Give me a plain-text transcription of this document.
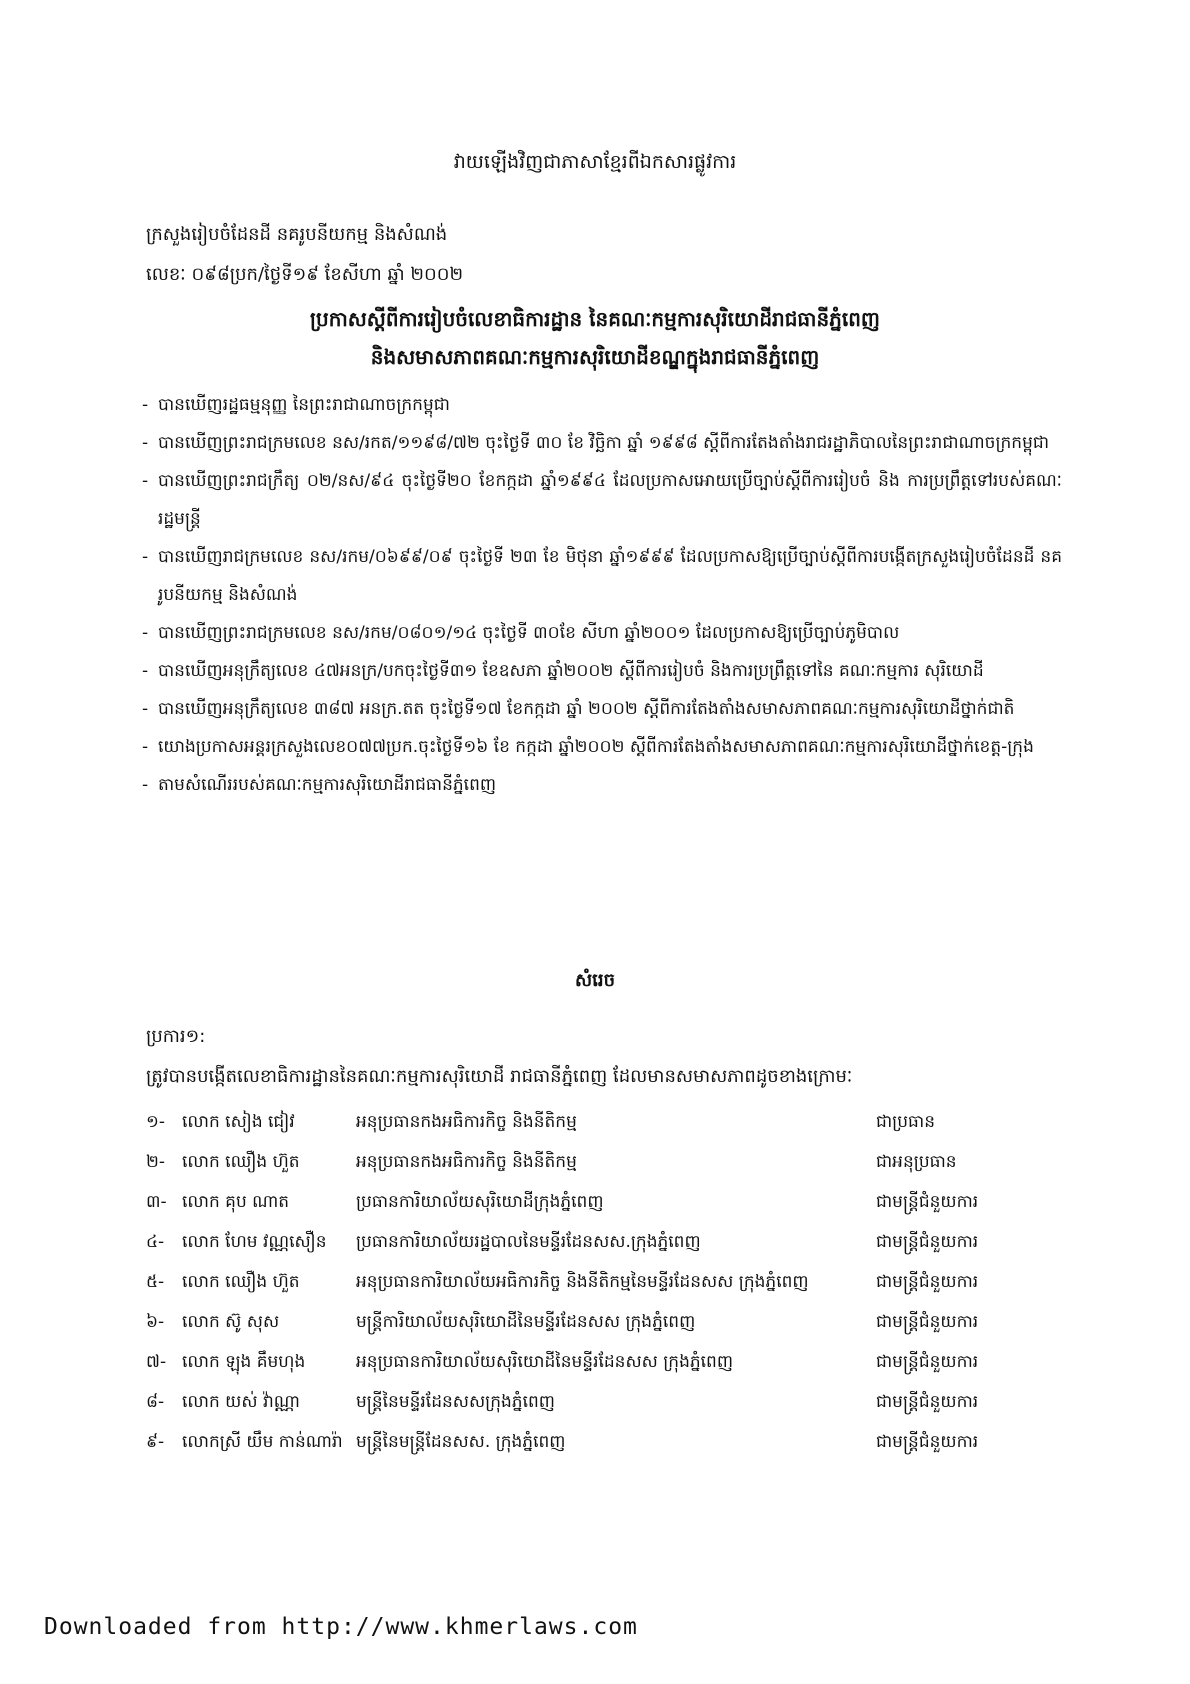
វាយឡើងវិញជាភាសាខ្មែរពីឯកសារផ្លូវការ
ក្រសួងរៀបចំដែនដី នគរូបនីយកម្ម និងសំណង់
លេខៈ ០៩៨ប្រក/ថ្ងៃទី១៩ ខែសីហា ឆ្នាំ ២០០២
ប្រកាសស្តីពីការរៀបចំលេខាធិការដ្ឋាន នៃគណៈកម្មការសុរិយោដីរាជធានីភ្នំពេញ
និងសមាសភាពគណៈកម្មការសុរិយោដីខណ្ឌក្នុងរាជធានីភ្នំពេញ
- បានឃើញរដ្ឋធម្មនុញ្ញ នៃព្រះរាជាណាចក្រកម្ពុជា
- បានឃើញព្រះរាជក្រមលេខ នស/រកត/១១៩៨/៧២ ចុះថ្ងៃទី ៣០ ខែ វិច្ឆិកា ឆ្នាំ ១៩៩៨ ស្តីពីការតែងតាំងរាជរដ្ឋាភិបាលនៃព្រះរាជាណាចក្រកម្ពុជា
- បានឃើញព្រះរាជក្រឹត្យ ០២/នស/៩៤ ចុះថ្ងៃទី២០ ខែកក្កដា ឆ្នាំ១៩៩៤ ដែលប្រកាសអោយប្រើច្បាប់ស្តីពីការរៀបចំ និង ការប្រព្រឹត្តទៅរបស់គណៈរដ្ឋមន្ត្រី
- បានឃើញរាជក្រមលេខ នស/រកម/០៦៩៩/០៩ ចុះថ្ងៃទី ២៣ ខែ មិថុនា ឆ្នាំ១៩៩៩ ដែលប្រកាសឱ្យប្រើច្បាប់ស្តីពីការបង្កើតក្រសួងរៀបចំដែនដី នគរូបនីយកម្ម និងសំណង់
- បានឃើញព្រះរាជក្រមលេខ នស/រកម/០៨០១/១៤ ចុះថ្ងៃទី ៣០ខែ សីហា ឆ្នាំ២០០១ ដែលប្រកាសឱ្យប្រើច្បាប់ភូមិបាល
- បានឃើញអនុក្រឹត្យលេខ ៤៧អនក្រ/បកចុះថ្ងៃទី៣១ ខែឧសភា ឆ្នាំ២០០២ ស្តីពីការរៀបចំ និងការប្រព្រឹត្តទៅនៃ គណៈកម្មការ សុរិយោដី
- បានឃើញអនុក្រឹត្យលេខ ៣៨៧ អនក្រ.តត ចុះថ្ងៃទី១៧ ខែកក្កដា ឆ្នាំ ២០០២ ស្តីពីការតែងតាំងសមាសភាពគណៈកម្មការសុរិយោដីថ្នាក់ជាតិ
- យោងប្រកាសអន្តរក្រសួងលេខ០៧៧ប្រក.ចុះថ្ងៃទី១៦ ខែ កក្កដា ឆ្នាំ២០០២ ស្តីពីការតែងតាំងសមាសភាពគណៈកម្មការសុរិយោដីថ្នាក់ខេត្ត-ក្រុង
- តាមសំណើររបស់គណៈកម្មការសុរិយោដីរាជធានីភ្នំពេញ
សំរេច
ប្រការ១:
ត្រូវបានបង្កើតលេខាធិការដ្ឋាននៃគណៈកម្មការសុរិយោដី រាជធានីភ្នំពេញ ដែលមានសមាសភាពដូចខាងក្រោមៈ
១- លោក សៀង ជៀវ	អនុប្រធានកងអធិការកិច្ច និងនីតិកម្ម	ជាប្រធាន
២- លោក ឈឿង ហ៊ួត	អនុប្រធានកងអធិការកិច្ច និងនីតិកម្ម	ជាអនុប្រធាន
៣- លោក គុប ណាត	ប្រធានការិយាល័យសុរិយោដីក្រុងភ្នំពេញ	ជាមន្ត្រីជំនួយការ
៤- លោក ហែម វណ្ណសឿន ប្រធានការិយាល័យរដ្ឋបាលនៃមន្ទីរដែនសស.ក្រុងភ្នំពេញ	ជាមន្ត្រីជំនួយការ
៥- លោក ឈឿង ហ៊ួត	អនុប្រធានការិយាល័យអធិការកិច្ច និងនីតិកម្មនៃមន្ទីរដែនសស ក្រុងភ្នំពេញ	ជាមន្ត្រីជំនួយការ
៦- លោក ស៊ូ សុស	មន្ត្រីការិយាល័យសុរិយោដីនៃមន្ទីរដែនសស ក្រុងភ្នំពេញ	ជាមន្ត្រីជំនួយការ
៧- លោក ឡុង គឹមហុង	អនុប្រធានការិយាល័យសុរិយោដីនៃមន្ទីរដែនសស ក្រុងភ្នំពេញ	ជាមន្ត្រីជំនួយការ
៨- លោក យស់ វ៉ាណ្ណា	មន្ត្រីនៃមន្ទីរដែនសសក្រុងភ្នំពេញ	ជាមន្ត្រីជំនួយការ
៩- លោកស្រី យឹម កាន់ណារ៉ា មន្ត្រីនៃមន្ត្រីដែនសស. ក្រុងភ្នំពេញ	ជាមន្ត្រីជំនួយការ
Downloaded from http://www.khmerlaws.com
